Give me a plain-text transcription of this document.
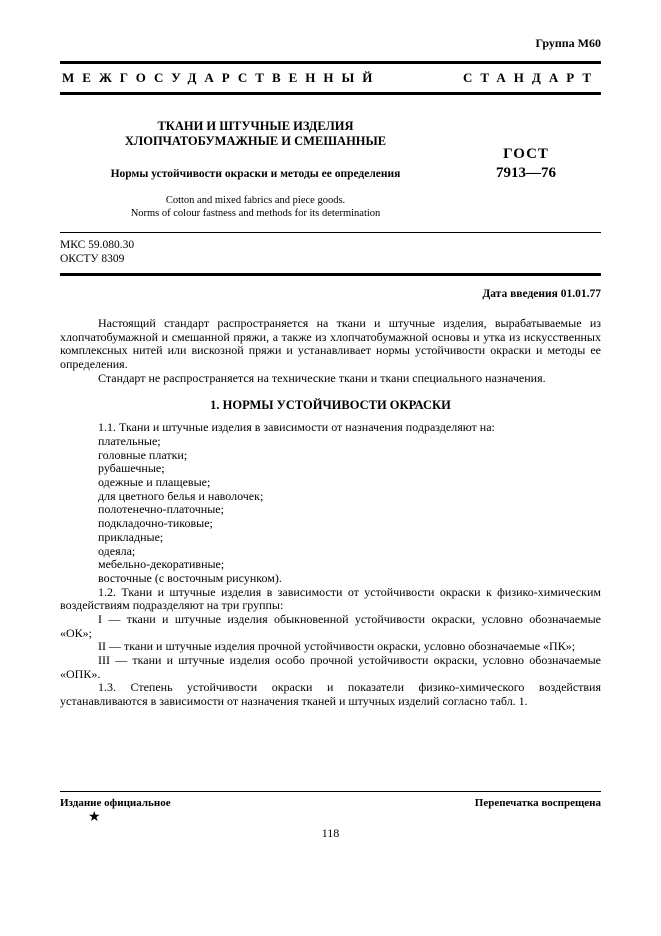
Группа М60
МЕЖГОСУДАРСТВЕННЫЙ	СТАНДАРТ
ТКАНИ И ШТУЧНЫЕ ИЗДЕЛИЯ
ХЛОПЧАТОБУМАЖНЫЕ И СМЕШАННЫЕ
Нормы устойчивости окраски и методы ее определения
Cotton and mixed fabrics and piece goods.
Norms of colour fastness and methods for its determination
ГОСТ
7913—76
МКС 59.080.30
ОКСТУ 8309
Дата введения 01.01.77

Настоящий стандарт распространяется на ткани и штучные изделия, вырабатываемые из хлопчатобумажной и смешанной пряжи, а также из хлопчатобумажной основы и утка из искусственных комплексных нитей или вискозной пряжи и устанавливает нормы устойчивости окраски и методы ее определения.

Стандарт не распространяется на технические ткани и ткани специального назначения.

1. НОРМЫ УСТОЙЧИВОСТИ ОКРАСКИ

1.1. Ткани и штучные изделия в зависимости от назначения подразделяют на:

плательные;
головные платки;
рубашечные;
одежные и плащевые;
для цветного белья и наволочек;
полотенечно-платочные;
подкладочно-тиковые;
прикладные;
одеяла;
мебельно-декоративные;
восточные (с восточным рисунком).

1.2. Ткани и штучные изделия в зависимости от устойчивости окраски к физико-химическим воздействиям подразделяют на три группы:

I — ткани и штучные изделия обыкновенной устойчивости окраски, условно обозначаемые «ОК»;

II — ткани и штучные изделия прочной устойчивости окраски, условно обозначаемые «ПК»;

III — ткани и штучные изделия особо прочной устойчивости окраски, условно обозначаемые «ОПК».

1.3. Степень устойчивости окраски и показатели физико-химического воздействия устанавливаются в зависимости от назначения тканей и штучных изделий согласно табл. 1.

Издание официальное	Перепечатка воспрещена
★
118
